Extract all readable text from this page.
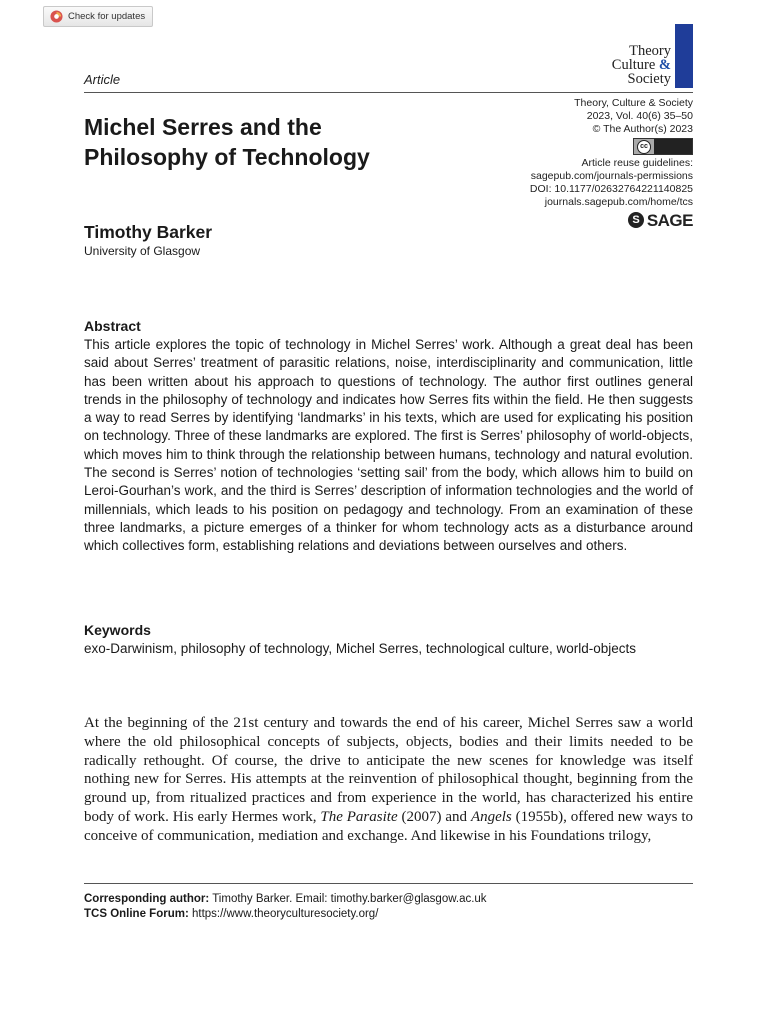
Check for updates
Article
Theory
Culture &
Society
Theory, Culture & Society
2023, Vol. 40(6) 35–50
© The Author(s) 2023
cc
Article reuse guidelines:
sagepub.com/journals-permissions
DOI: 10.1177/02632764221140825
journals.sagepub.com/home/tcs
S SAGE
Michel Serres and the Philosophy of Technology
Timothy Barker
University of Glasgow
Abstract

This article explores the topic of technology in Michel Serres’ work. Although a great deal has been said about Serres’ treatment of parasitic relations, noise, interdisciplinarity and communication, little has been written about his approach to questions of technology. The author first outlines general trends in the philosophy of technology and indicates how Serres fits within the field. He then suggests a way to read Serres by identifying ‘landmarks’ in his texts, which are used for explicating his position on technology. Three of these landmarks are explored. The first is Serres’ philosophy of world-objects, which moves him to think through the relationship between humans, technology and natural evolution. The second is Serres’ notion of technologies ‘setting sail’ from the body, which allows him to build on Leroi-Gourhan’s work, and the third is Serres’ description of information technologies and the world of millennials, which leads to his position on pedagogy and technology. From an examination of these three landmarks, a picture emerges of a thinker for whom technology acts as a disturbance around which collectives form, establishing relations and deviations between ourselves and others.

Keywords

exo-Darwinism, philosophy of technology, Michel Serres, technological culture, world-objects

At the beginning of the 21st century and towards the end of his career, Michel Serres saw a world where the old philosophical concepts of subjects, objects, bodies and their limits needed to be radically rethought. Of course, the drive to anticipate the new scenes for knowledge was itself nothing new for Serres. His attempts at the reinvention of philosophical thought, beginning from the ground up, from ritualized practices and from experience in the world, has characterized his entire body of work. His early Hermes work, The Parasite (2007) and Angels (1955b), offered new ways to conceive of communication, mediation and exchange. And likewise in his Foundations trilogy,

Corresponding author: Timothy Barker. Email: timothy.barker@glasgow.ac.uk
TCS Online Forum: https://www.theoryculturesociety.org/
